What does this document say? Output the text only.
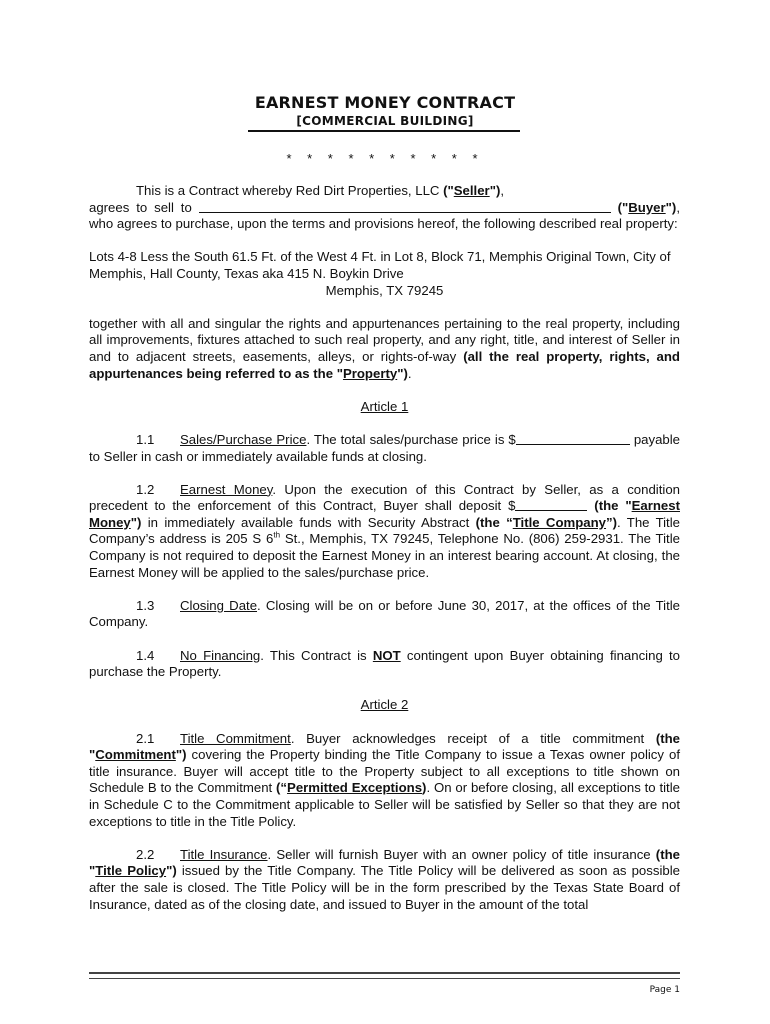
EARNEST MONEY CONTRACT
[COMMERCIAL BUILDING]
* * * * * * * * * *

This is a Contract whereby Red Dirt Properties, LLC ("Seller"),
agrees to sell to	("Buyer"), who agrees to purchase, upon the terms and provisions hereof, the following described real property:

Lots 4-8 Less the South 61.5 Ft. of the West 4 Ft. in Lot 8, Block 71, Memphis Original Town, City of Memphis, Hall County, Texas aka 415 N. Boykin Drive

Memphis, TX 79245

together with all and singular the rights and appurtenances pertaining to the real property, including all improvements, fixtures attached to such real property, and any right, title, and interest of Seller in and to adjacent streets, easements, alleys, or rights-of-way (all the real property, rights, and appurtenances being referred to as the "Property").

Article 1

1.1 Sales/Purchase Price. The total sales/purchase price is $	payable to Seller in cash or immediately available funds at closing.

1.2 Earnest Money. Upon the execution of this Contract by Seller, as a condition precedent to the enforcement of this Contract, Buyer shall deposit $	(the "Earnest Money") in immediately available funds with Security Abstract (the “Title Company”). The Title Company’s address is 205 S 6th St., Memphis, TX 79245, Telephone No. (806) 259-2931. The Title Company is not required to deposit the Earnest Money in an interest bearing account. At closing, the Earnest Money will be applied to the sales/purchase price.

1.3 Closing Date. Closing will be on or before June 30, 2017, at the offices of the Title Company.

1.4 No Financing. This Contract is NOT contingent upon Buyer obtaining financing to purchase the Property.

Article 2

2.1 Title Commitment. Buyer acknowledges receipt of a title commitment (the "Commitment") covering the Property binding the Title Company to issue a Texas owner policy of title insurance. Buyer will accept title to the Property subject to all exceptions to title shown on Schedule B to the Commitment (“Permitted Exceptions). On or before closing, all exceptions to title in Schedule C to the Commitment applicable to Seller will be satisfied by Seller so that they are not exceptions to title in the Title Policy.

2.2 Title Insurance. Seller will furnish Buyer with an owner policy of title insurance (the "Title Policy") issued by the Title Company. The Title Policy will be delivered as soon as possible after the sale is closed. The Title Policy will be in the form prescribed by the Texas State Board of Insurance, dated as of the closing date, and issued to Buyer in the amount of the total

Page 1
